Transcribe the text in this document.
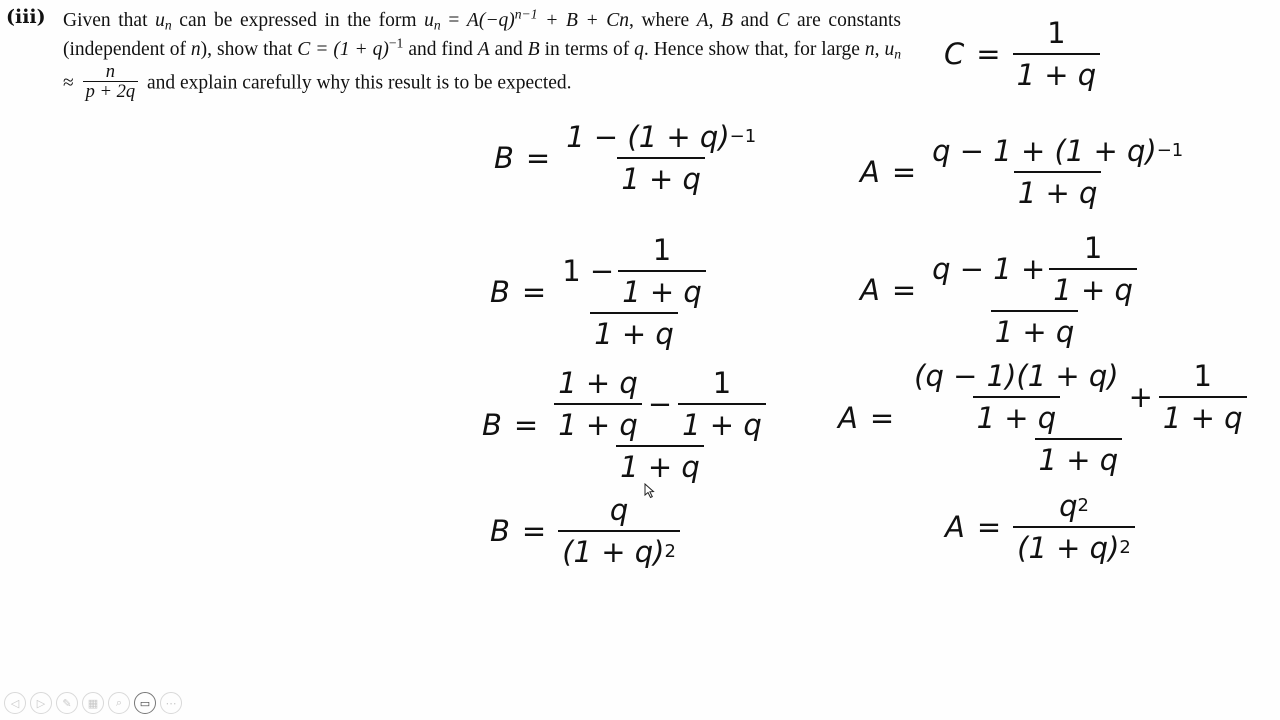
(iii) Given that $u_n$ can be expressed in the form $u_n = A(-q)^{n-1} + B + Cn$, where A, B and C are constants (independent of n), show that $C = (1 + q)^{-1}$ and find A and B in terms of q. Hence show that, for large n, $u_n \approx \frac{n}{p + 2q}$ and explain carefully why this result is to be expected.
$C = \frac{1}{1 + q}$
$B = \frac{1 - (1 + q) -1}{1 + q}$	$A = \frac{q - 1 + (1 + q) -1}{1 + q}$
$B = \frac{1 - \frac{1}{1 + q}}{1 + q}$	$A = \frac{q - 1 + \frac{1}{1 + q}}{1 + q}$
$B = \frac{1 + q}{1 + q} - \frac{1}{1 + q}$
1 + q
$A = \frac{(q - 1)(1 + q)}{1 + q} + \frac{1}{1 + q}$
1 + q
$B = \frac{q}{(1 + q) 2}$	$A = \frac{q 2}{(1 + q) 2}$
◁	▷	✎	▦	⌕	▭	⋯
